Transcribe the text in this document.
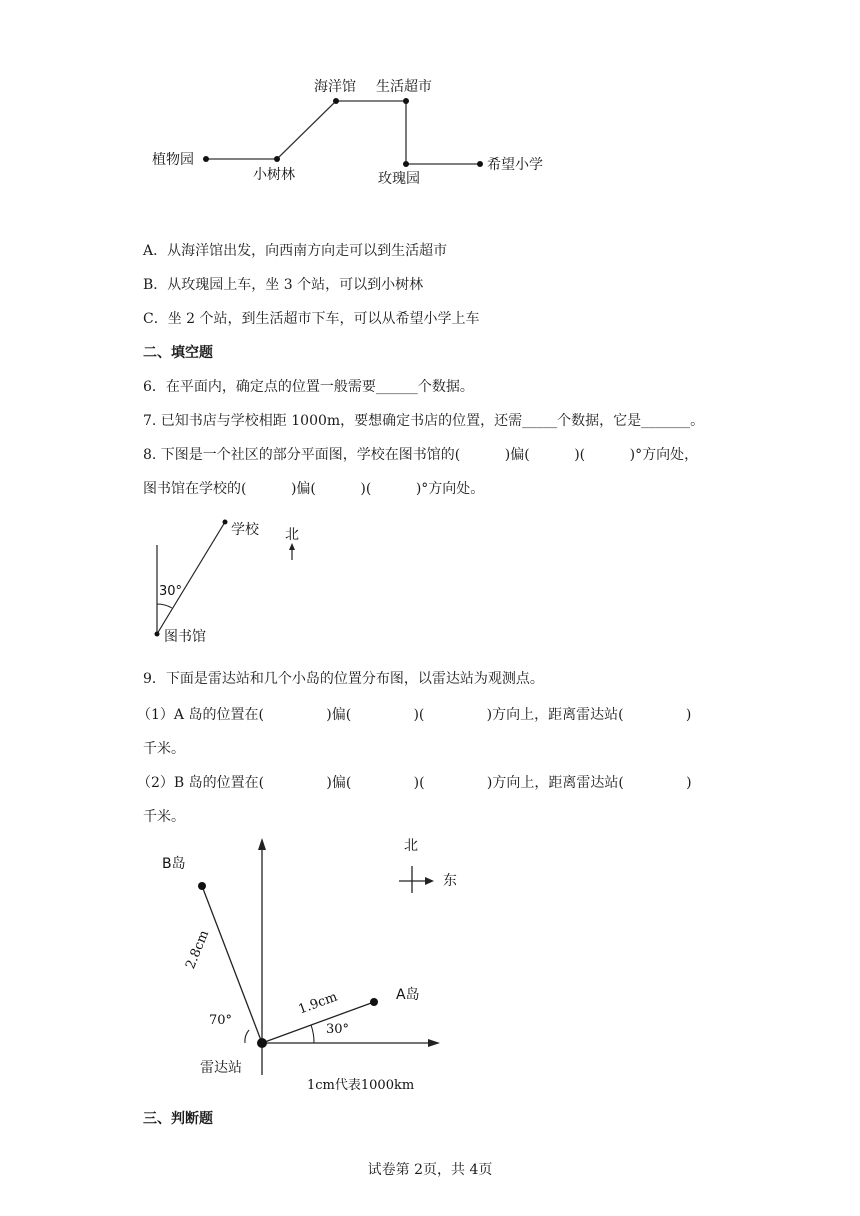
植物园
小树林
海洋馆 生活超市
玫瑰园
希望小学
A．从海洋馆出发，向西南方向走可以到生活超市
B．从玫瑰园上车，坐 3 个站，可以到小树林
C．坐 2 个站，到生活超市下车，可以从希望小学上车
二、填空题
6．在平面内，确定点的位置一般需要______个数据。
7. 已知书店与学校相距 1000m，要想确定书店的位置，还需_____个数据，它是_______。
8. 下图是一个社区的部分平面图，学校在图书馆的(          )偏(          )(          )°方向处，
图书馆在学校的(          )偏(          )(          )°方向处。
学校
图书馆
30°
北
9．下面是雷达站和几个小岛的位置分布图，以雷达站为观测点。
（1）A 岛的位置在(              )偏(              )(              )方向上，距离雷达站(              )
千米。
（2）B 岛的位置在(              )偏(              )(              )方向上，距离雷达站(              )
千米。
B岛
A岛
雷达站
2.8cm
1.9cm
70°
30°
北
东
1cm代表1000km
三、判断题
试卷第 2页，共 4页
